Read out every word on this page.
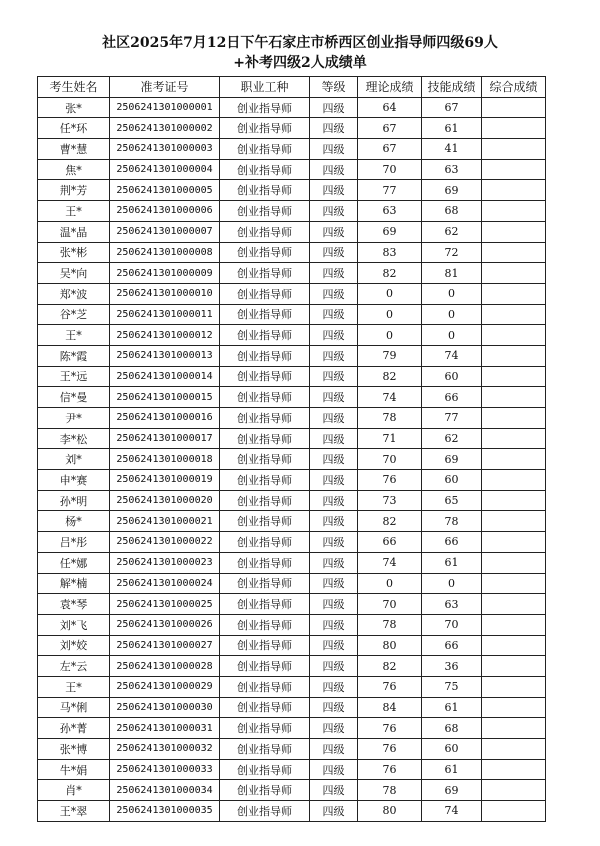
社区2025年7月12日下午石家庄市桥西区创业指导师四级69人
+补考四级2人成绩单
考生姓名	准考证号	职业工种	等级	理论成绩	技能成绩	综合成绩
张*	2506241301000001	创业指导师	四级	64	67	
任*环	2506241301000002	创业指导师	四级	67	61	
曹*慧	2506241301000003	创业指导师	四级	67	41	
焦*	2506241301000004	创业指导师	四级	70	63	
荆*芳	2506241301000005	创业指导师	四级	77	69	
王*	2506241301000006	创业指导师	四级	63	68	
温*晶	2506241301000007	创业指导师	四级	69	62	
张*彬	2506241301000008	创业指导师	四级	83	72	
吴*向	2506241301000009	创业指导师	四级	82	81	
郑*波	2506241301000010	创业指导师	四级	0	0	
谷*芝	2506241301000011	创业指导师	四级	0	0	
王*	2506241301000012	创业指导师	四级	0	0	
陈*霞	2506241301000013	创业指导师	四级	79	74	
王*远	2506241301000014	创业指导师	四级	82	60	
信*曼	2506241301000015	创业指导师	四级	74	66	
尹*	2506241301000016	创业指导师	四级	78	77	
李*松	2506241301000017	创业指导师	四级	71	62	
刘*	2506241301000018	创业指导师	四级	70	69	
申*赛	2506241301000019	创业指导师	四级	76	60	
孙*明	2506241301000020	创业指导师	四级	73	65	
杨*	2506241301000021	创业指导师	四级	82	78	
吕*彤	2506241301000022	创业指导师	四级	66	66	
任*娜	2506241301000023	创业指导师	四级	74	61	
解*楠	2506241301000024	创业指导师	四级	0	0	
袁*琴	2506241301000025	创业指导师	四级	70	63	
刘*飞	2506241301000026	创业指导师	四级	78	70	
刘*姣	2506241301000027	创业指导师	四级	80	66	
左*云	2506241301000028	创业指导师	四级	82	36	
王*	2506241301000029	创业指导师	四级	76	75	
马*俐	2506241301000030	创业指导师	四级	84	61	
孙*菁	2506241301000031	创业指导师	四级	76	68	
张*博	2506241301000032	创业指导师	四级	76	60	
牛*娟	2506241301000033	创业指导师	四级	76	61	
肖*	2506241301000034	创业指导师	四级	78	69	
王*翠	2506241301000035	创业指导师	四级	80	74	
